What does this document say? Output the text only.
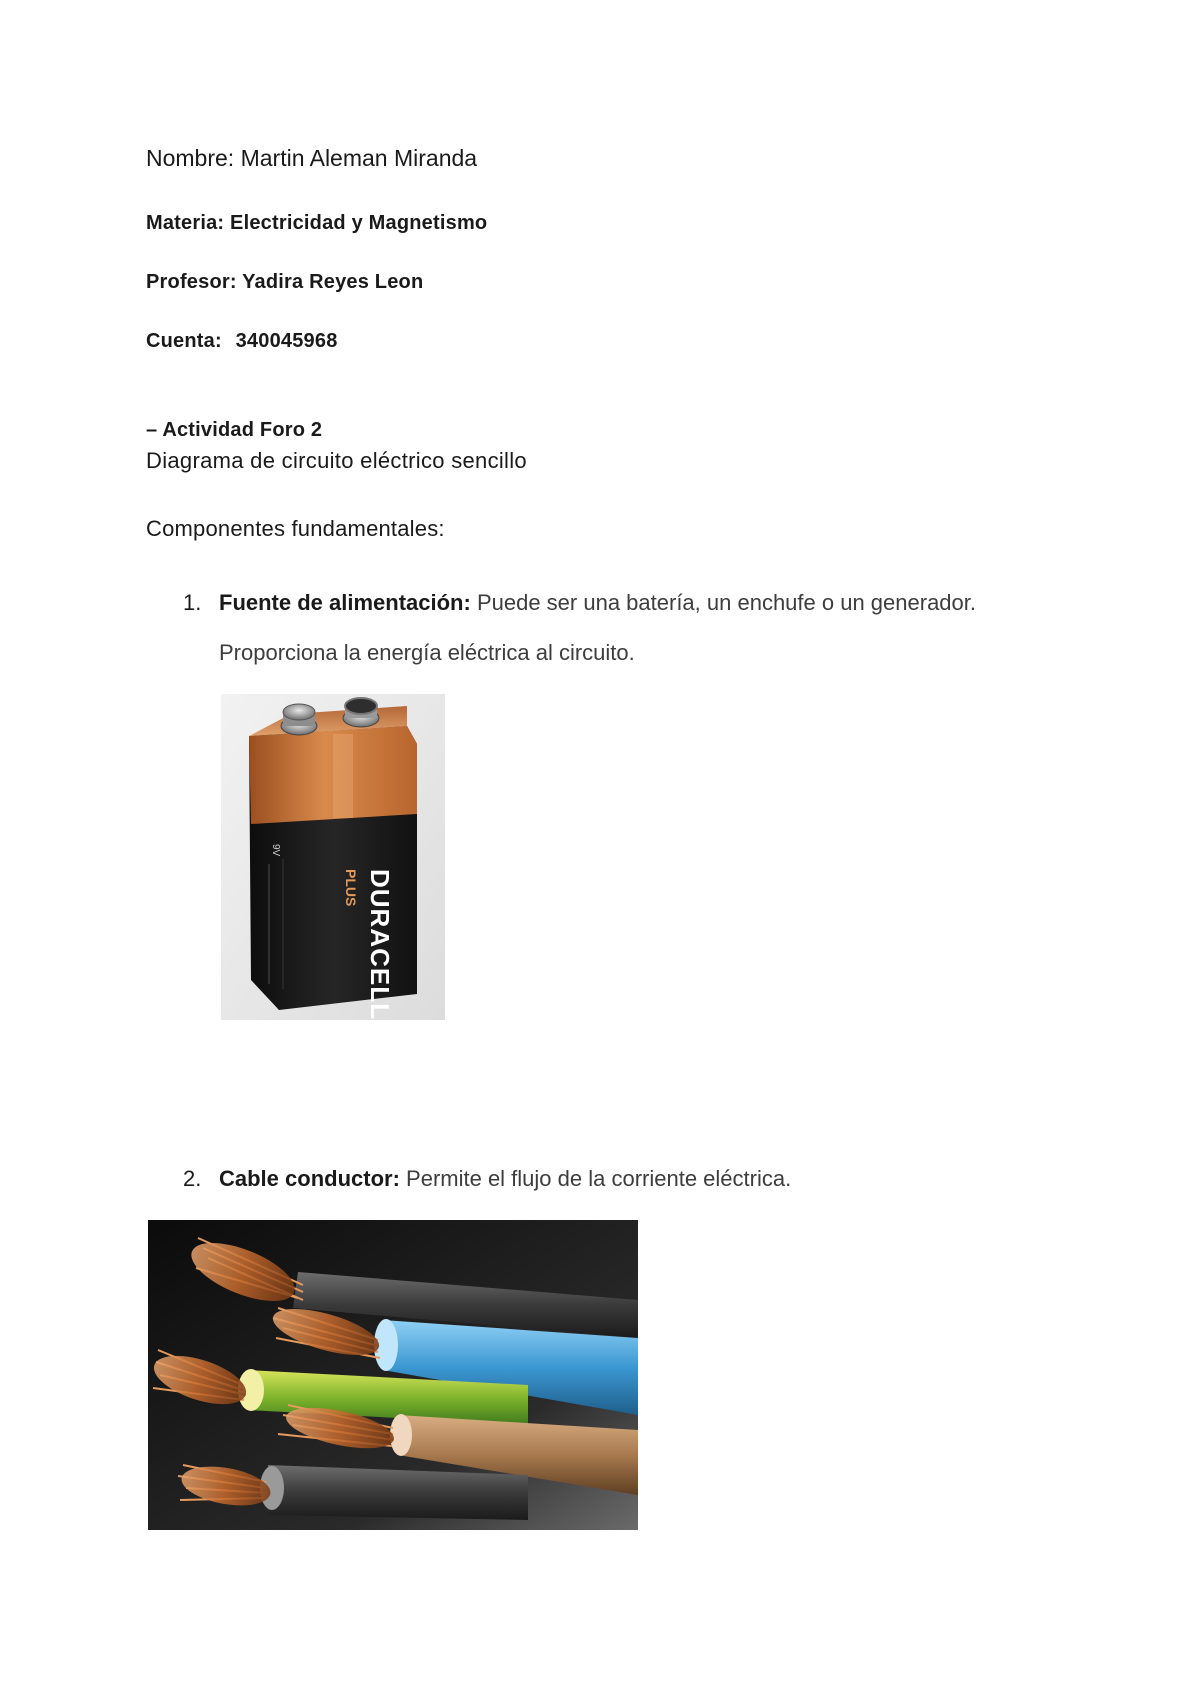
Nombre: Martin Aleman Miranda

Materia: Electricidad y Magnetismo

Profesor: Yadira Reyes Leon

Cuenta: 340045968

– Actividad Foro 2

Diagrama de circuito eléctrico sencillo

Componentes fundamentales:

1. Fuente de alimentación: Puede ser una batería, un enchufe o un generador.
Proporciona la energía eléctrica al circuito.
DURACELL
PLUS
9V
2. Cable conductor: Permite el flujo de la corriente eléctrica.
